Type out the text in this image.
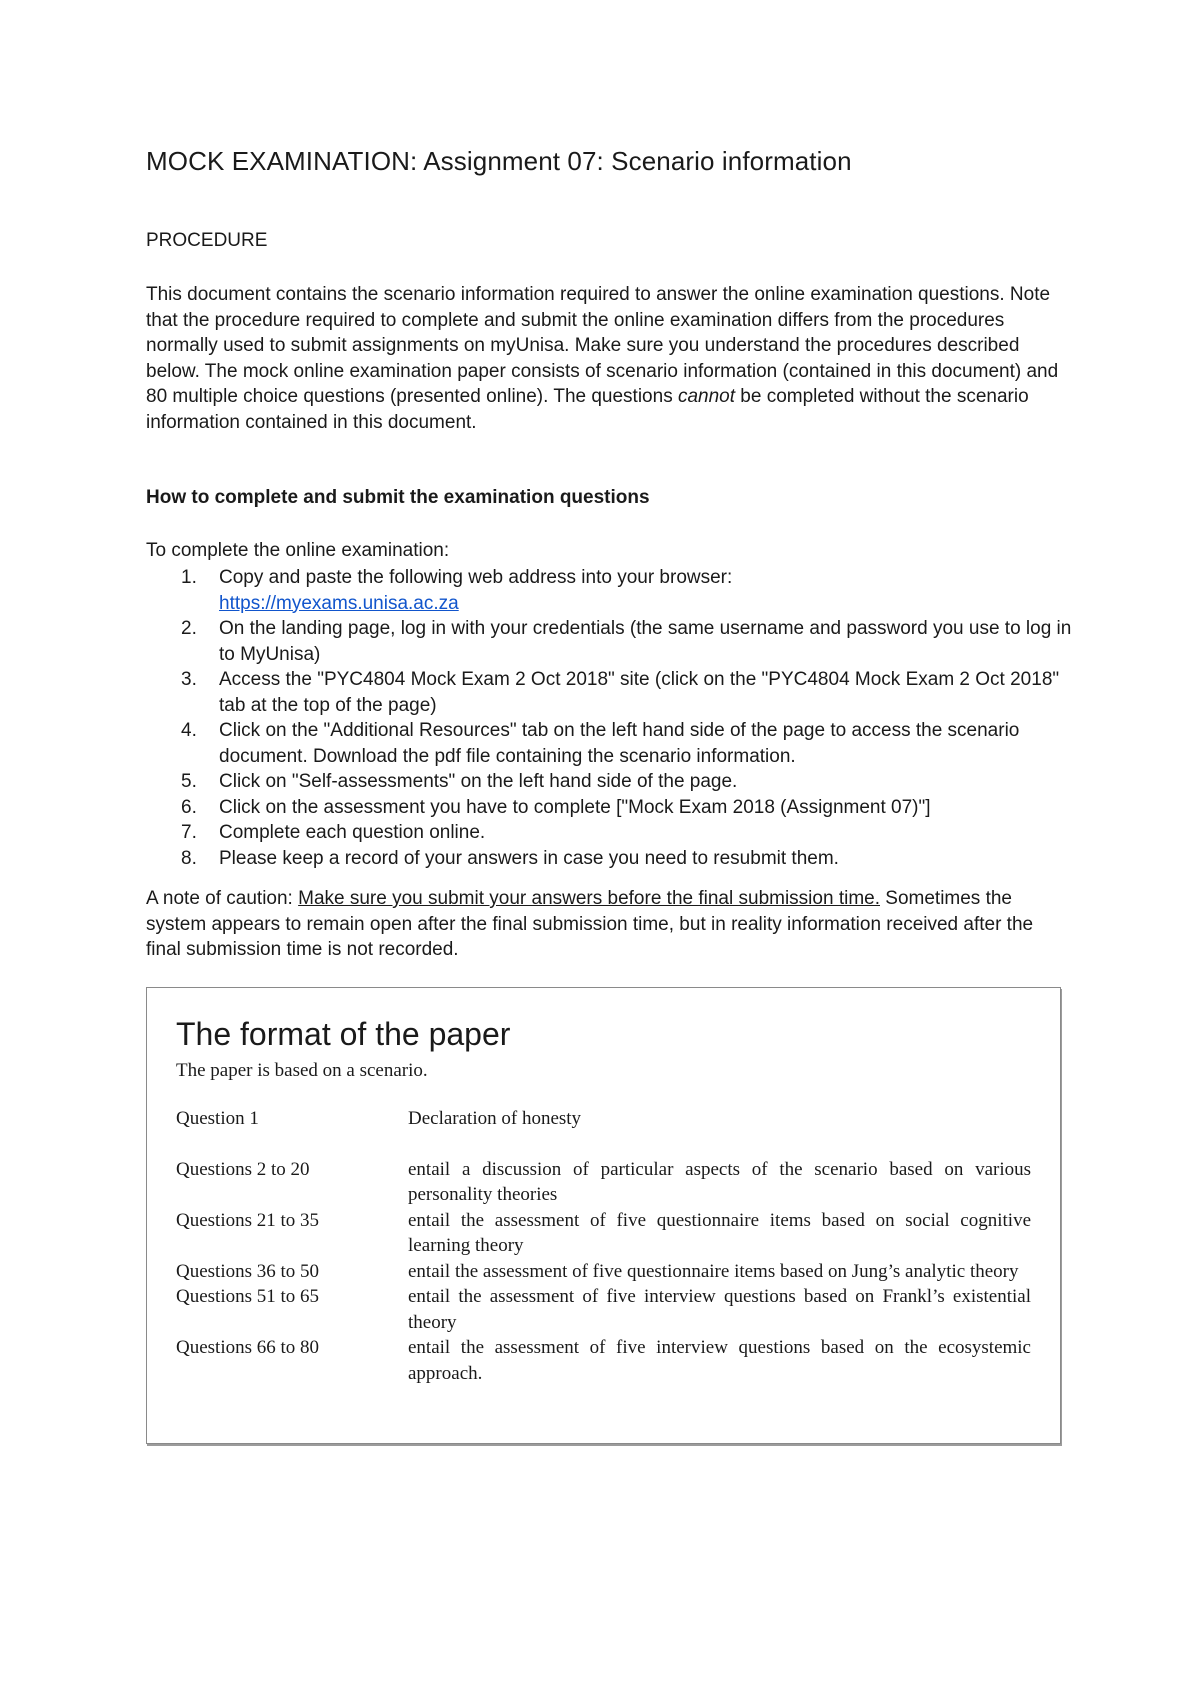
MOCK EXAMINATION: Assignment 07: Scenario information

PROCEDURE

This document contains the scenario information required to answer the online examination questions. Note that the procedure required to complete and submit the online examination differs from the procedures normally used to submit assignments on myUnisa. Make sure you understand the procedures described below. The mock online examination paper consists of scenario information (contained in this document) and 80 multiple choice questions (presented online). The questions cannot be completed without the scenario information contained in this document.

How to complete and submit the examination questions

To complete the online examination:

1. Copy and paste the following web address into your browser:
https://myexams.unisa.ac.za
2. On the landing page, log in with your credentials (the same username and password you use to log in to MyUnisa)
3. Access the "PYC4804 Mock Exam 2 Oct 2018" site (click on the "PYC4804 Mock Exam 2 Oct 2018" tab at the top of the page)
4. Click on the "Additional Resources" tab on the left hand side of the page to access the scenario document. Download the pdf file containing the scenario information.
5. Click on "Self-assessments" on the left hand side of the page.
6. Click on the assessment you have to complete ["Mock Exam 2018 (Assignment 07)"]
7. Complete each question online.
8. Please keep a record of your answers in case you need to resubmit them.

A note of caution: Make sure you submit your answers before the final submission time. Sometimes the system appears to remain open after the final submission time, but in reality information received after the final submission time is not recorded.

The format of the paper

The paper is based on a scenario.

Question 1	Declaration of honesty
Questions 2 to 20	entail a discussion of particular aspects of the scenario based on various personality theories
Questions 21 to 35	entail the assessment of five questionnaire items based on social cognitive learning theory
Questions 36 to 50	entail the assessment of five questionnaire items based on Jung’s analytic theory
Questions 51 to 65	entail the assessment of five interview questions based on Frankl’s existential theory
Questions 66 to 80	entail the assessment of five interview questions based on the ecosystemic approach.
